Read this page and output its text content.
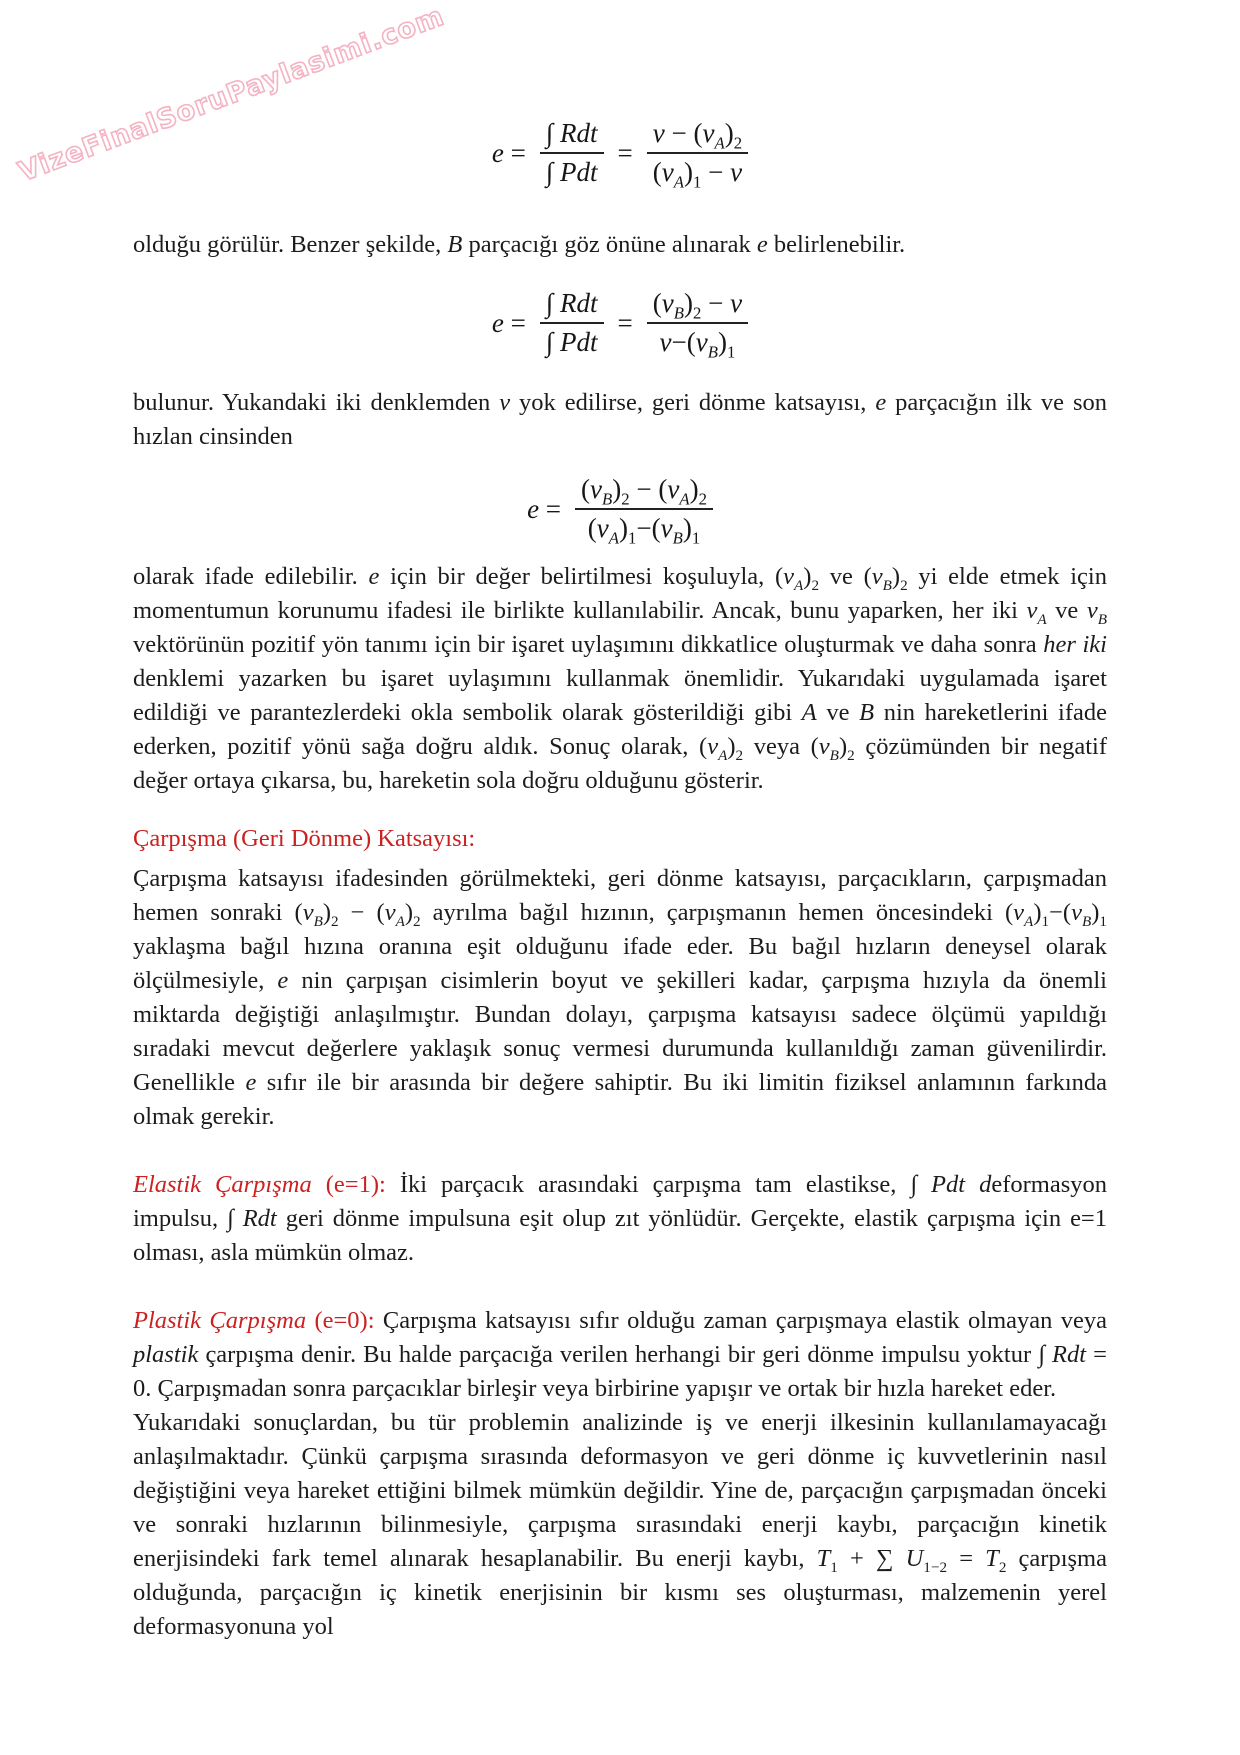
VizeFinalSoruPaylasimi.com $e = \frac{\text{∫ Rdt}}{\text{∫ Pdt}} = \frac{v - (v_A)_2}{(v_A)_1 - v}$

olduğu görülür. Benzer şekilde, B parçacığı göz önüne alınarak e belirlenebilir.

$e = \frac{\text{∫ Rdt}}{\text{∫ Pdt}} = \frac{(v_B)_2 - v}{v-(v_B)_1}$

bulunur. Yukandaki iki denklemden v yok edilirse, geri dönme katsayısı, e parçacığın ilk ve son hızlan cinsinden

$e = \frac{(v_B)_2 - (v_A)_2}{(v_A)_1-(v_B)_1}$

olarak ifade edilebilir. e için bir değer belirtilmesi koşuluyla, $(v_A)_2$ ve $(v_B)_2$ yi elde etmek için momentumun korunumu ifadesi ile birlikte kullanılabilir. Ancak, bunu yaparken, her iki $v_A$ ve $v_B$ vektörünün pozitif yön tanımı için bir işaret uylaşımını dikkatlice oluşturmak ve daha sonra her iki denklemi yazarken bu işaret uylaşımını kullanmak önemlidir. Yukarıdaki uygulamada işaret edildiği ve parantezlerdeki okla sembolik olarak gösterildiği gibi A ve B nin hareketlerini ifade ederken, pozitif yönü sağa doğru aldık. Sonuç olarak, $(v_A)_2$ veya $(v_B)_2$ çözümünden bir negatif değer ortaya çıkarsa, bu, hareketin sola doğru olduğunu gösterir.

Çarpışma (Geri Dönme) Katsayısı:

Çarpışma katsayısı ifadesinden görülmekteki, geri dönme katsayısı, parçacıkların, çarpışmadan hemen sonraki $(v_B)_2 - (v_A)_2$ ayrılma bağıl hızının, çarpışmanın hemen öncesindeki $(v_A)_1-(v_B)_1$ yaklaşma bağıl hızına oranına eşit olduğunu ifade eder. Bu bağıl hızların deneysel olarak ölçülmesiyle, e nin çarpışan cisimlerin boyut ve şekilleri kadar, çarpışma hızıyla da önemli miktarda değiştiği anlaşılmıştır. Bundan dolayı, çarpışma katsayısı sadece ölçümü yapıldığı sıradaki mevcut değerlere yaklaşık sonuç vermesi durumunda kullanıldığı zaman güvenilirdir. Genellikle e sıfır ile bir arasında bir değere sahiptir. Bu iki limitin fiziksel anlamının farkında olmak gerekir.

Elastik Çarpışma (e=1): İki parçacık arasındaki çarpışma tam elastikse, ∫ Pdt deformasyon impulsu, ∫ Rdt geri dönme impulsuna eşit olup zıt yönlüdür. Gerçekte, elastik çarpışma için e=1 olması, asla mümkün olmaz.

Plastik Çarpışma (e=0): Çarpışma katsayısı sıfır olduğu zaman çarpışmaya elastik olmayan veya plastik çarpışma denir. Bu halde parçacığa verilen herhangi bir geri dönme impulsu yoktur ∫ Rdt = 0. Çarpışmadan sonra parçacıklar birleşir veya birbirine yapışır ve ortak bir hızla hareket eder.

Yukarıdaki sonuçlardan, bu tür problemin analizinde iş ve enerji ilkesinin kullanılamayacağı anlaşılmaktadır. Çünkü çarpışma sırasında deformasyon ve geri dönme iç kuvvetlerinin nasıl değiştiğini veya hareket ettiğini bilmek mümkün değildir. Yine de, parçacığın çarpışmadan önceki ve sonraki hızlarının bilinmesiyle, çarpışma sırasındaki enerji kaybı, parçacığın kinetik enerjisindeki fark temel alınarak hesaplanabilir. Bu enerji kaybı, $T_1$ + ∑ $U_{1-2} = T_2$ çarpışma olduğunda, parçacığın iç kinetik enerjisinin bir kısmı ses oluşturması, malzemenin yerel deformasyonuna yol
